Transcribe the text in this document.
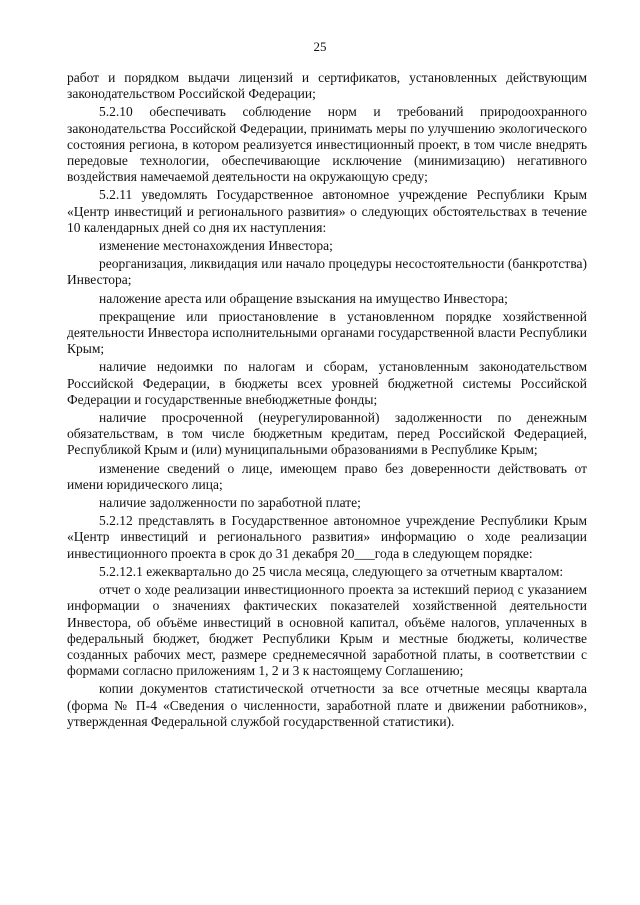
25

работ и порядком выдачи лицензий и сертификатов, установленных действующим законодательством Российской Федерации;

5.2.10 обеспечивать соблюдение норм и требований природоохранного законодательства Российской Федерации, принимать меры по улучшению экологического состояния региона, в котором реализуется инвестиционный проект, в том числе внедрять передовые технологии, обеспечивающие исключение (минимизацию) негативного воздействия намечаемой деятельности на окружающую среду;

5.2.11 уведомлять Государственное автономное учреждение Республики Крым «Центр инвестиций и регионального развития» о следующих обстоятельствах в течение 10 календарных дней со дня их наступления:

изменение местонахождения Инвестора;

реорганизация, ликвидация или начало процедуры несостоятельности (банкротства) Инвестора;

наложение ареста или обращение взыскания на имущество Инвестора;

прекращение или приостановление в установленном порядке хозяйственной деятельности Инвестора исполнительными органами государственной власти Республики Крым;

наличие недоимки по налогам и сборам, установленным законодательством Российской Федерации, в бюджеты всех уровней бюджетной системы Российской Федерации и государственные внебюджетные фонды;

наличие просроченной (неурегулированной) задолженности по денежным обязательствам, в том числе бюджетным кредитам, перед Российской Федерацией, Республикой Крым и (или) муниципальными образованиями в Республике Крым;

изменение сведений о лице, имеющем право без доверенности действовать от имени юридического лица;

наличие задолженности по заработной плате;

5.2.12 представлять в Государственное автономное учреждение Республики Крым «Центр инвестиций и регионального развития» информацию о ходе реализации инвестиционного проекта в срок до 31 декабря 20___года в следующем порядке:

5.2.12.1 ежеквартально до 25 числа месяца, следующего за отчетным кварталом:

отчет о ходе реализации инвестиционного проекта за истекший период с указанием информации о значениях фактических показателей хозяйственной деятельности Инвестора, об объёме инвестиций в основной капитал, объёме налогов, уплаченных в федеральный бюджет, бюджет Республики Крым и местные бюджеты, количестве созданных рабочих мест, размере среднемесячной заработной платы, в соответствии с формами согласно приложениям 1, 2 и 3 к настоящему Соглашению;

копии документов статистической отчетности за все отчетные месяцы квартала (форма № П-4 «Сведения о численности, заработной плате и движении работников», утвержденная Федеральной службой государственной статистики).
